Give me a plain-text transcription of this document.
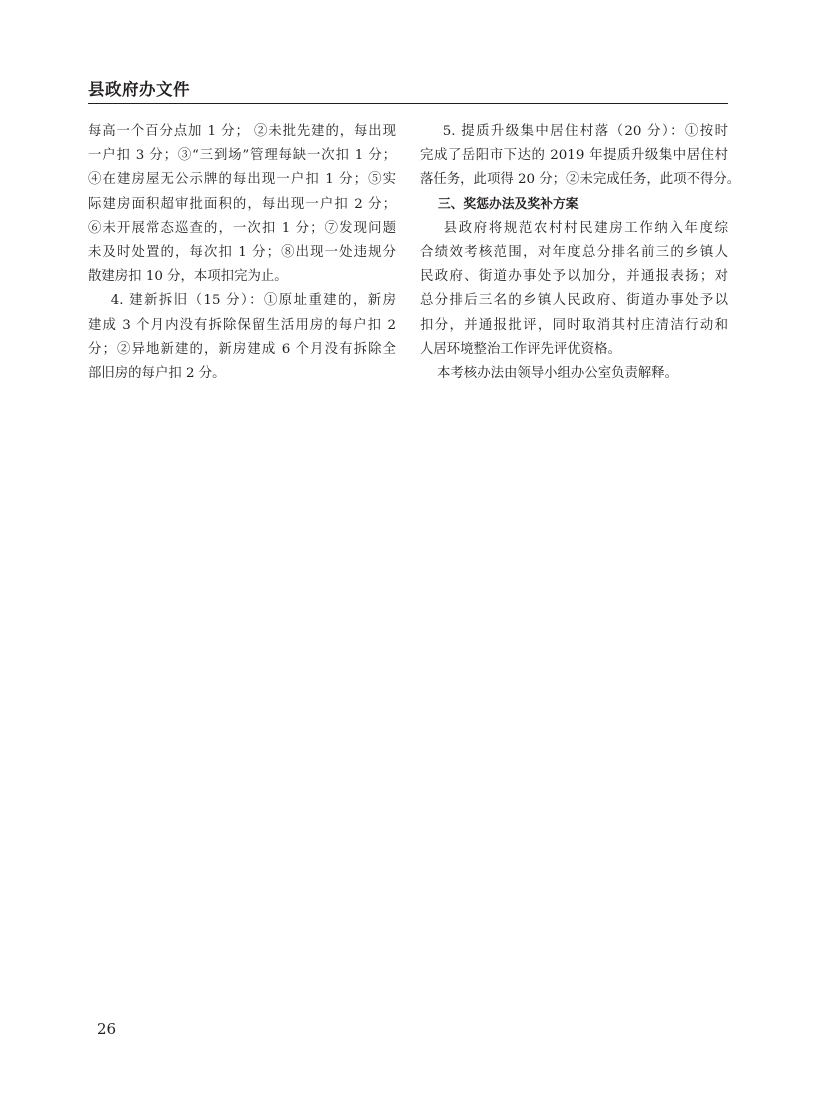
县政府办文件
每高一个百分点加 1 分； ②未批先建的，每出现
一户扣 3 分；③“三到场”管理每缺一次扣 1 分；
④在建房屋无公示牌的每出现一户扣 1 分；⑤实
际建房面积超审批面积的，每出现一户扣 2 分；
⑥未开展常态巡查的，一次扣 1 分；⑦发现问题
未及时处置的，每次扣 1 分；⑧出现一处违规分
散建房扣 10 分，本项扣完为止。
4. 建新拆旧（15 分）：①原址重建的，新房
建成 3 个月内没有拆除保留生活用房的每户扣 2
分；②异地新建的，新房建成 6 个月没有拆除全
部旧房的每户扣 2 分。
5. 提质升级集中居住村落（20 分）：①按时
完成了岳阳市下达的 2019 年提质升级集中居住村
落任务，此项得 20 分；②未完成任务，此项不得分。
三、奖惩办法及奖补方案
县政府将规范农村村民建房工作纳入年度综
合绩效考核范围，对年度总分排名前三的乡镇人
民政府、街道办事处予以加分，并通报表扬；对
总分排后三名的乡镇人民政府、街道办事处予以
扣分，并通报批评，同时取消其村庄清洁行动和
人居环境整治工作评先评优资格。
本考核办法由领导小组办公室负责解释。
26
